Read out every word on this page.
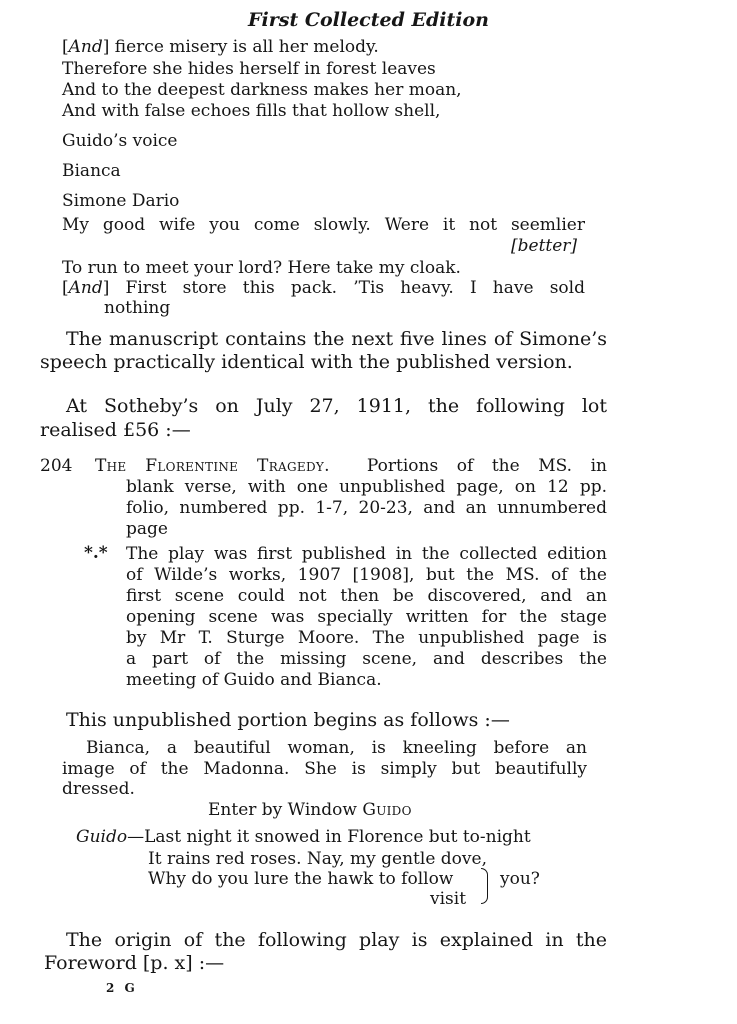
First Collected Edition
[And] fierce misery is all her melody.
Therefore she hides herself in forest leaves
And to the deepest darkness makes her moan,
And with false echoes fills that hollow shell,
Guido’s voice
Bianca
Simone Dario
My good wife you come slowly. Were it not seemlier
[better]
To run to meet your lord? Here take my cloak.
[And] First store this pack. ’Tis heavy. I have sold
nothing
The manuscript contains the next five lines of Simone’s
speech practically identical with the published version.
At Sotheby’s on July 27, 1911, the following lot
realised £56 :—
204 The Florentine Tragedy. Portions of the MS. in
blank verse, with one unpublished page, on 12 pp.
folio, numbered pp. 1-7, 20-23, and an unnumbered
page
*.* The play was first published in the collected edition
of Wilde’s works, 1907 [1908], but the MS. of the
first scene could not then be discovered, and an
opening scene was specially written for the stage
by Mr T. Sturge Moore. The unpublished page is
a part of the missing scene, and describes the
meeting of Guido and Bianca.
This unpublished portion begins as follows :—
Bianca, a beautiful woman, is kneeling before an
image of the Madonna. She is simply but beautifully
dressed.
Enter by Window Guido
Guido—Last night it snowed in Florence but to-night
It rains red roses. Nay, my gentle dove,
Why do you lure the hawk to follow	you?
visit
The origin of the following play is explained in the
Foreword [p. x] :—
2 G
